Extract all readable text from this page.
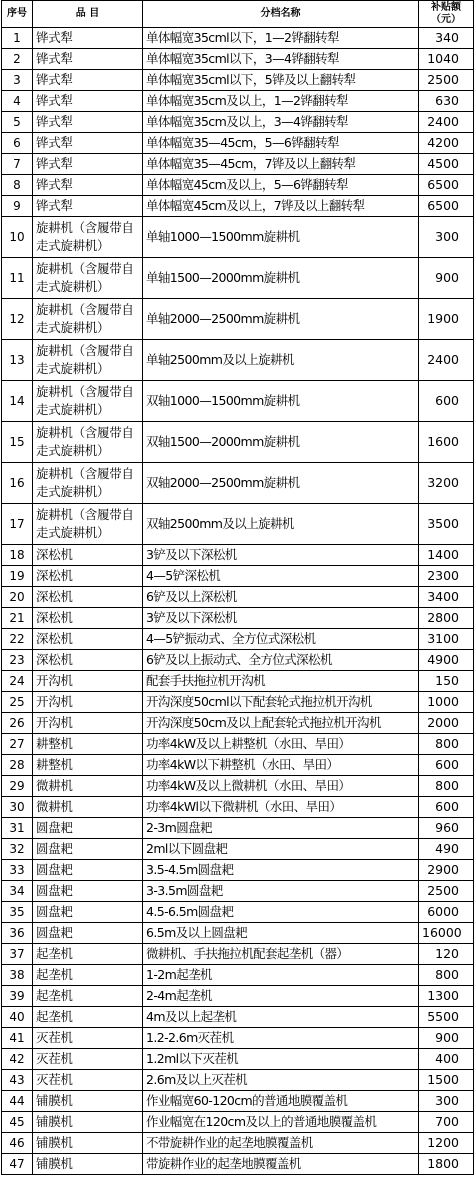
序号	品 目	分档名称	补贴额（元）
1	铧式犁	单体幅宽35cml以下，1—2铧翻转犁	340
2	铧式犁	单体幅宽35cml以下，3—4铧翻转犁	1040
3	铧式犁	单体幅宽35cml以下，5铧及以上翻转犁	2500
4	铧式犁	单体幅宽35cm及以上，1—2铧翻转犁	630
5	铧式犁	单体幅宽35cm及以上，3—4铧翻转犁	2400
6	铧式犁	单体幅宽35—45cm，5—6铧翻转犁	4200
7	铧式犁	单体幅宽35—45cm，7铧及以上翻转犁	4500
8	铧式犁	单体幅宽45cm及以上，5—6铧翻转犁	6500
9	铧式犁	单体幅宽45cm及以上，7铧及以上翻转犁	6500
10	旋耕机（含履带自走式旋耕机）	单轴1000—1500mm旋耕机	300
11	旋耕机（含履带自走式旋耕机）	单轴1500—2000mm旋耕机	900
12	旋耕机（含履带自走式旋耕机）	单轴2000—2500mm旋耕机	1900
13	旋耕机（含履带自走式旋耕机）	单轴2500mm及以上旋耕机	2400
14	旋耕机（含履带自走式旋耕机）	双轴1000—1500mm旋耕机	600
15	旋耕机（含履带自走式旋耕机）	双轴1500—2000mm旋耕机	1600
16	旋耕机（含履带自走式旋耕机）	双轴2000—2500mm旋耕机	3200
17	旋耕机（含履带自走式旋耕机）	双轴2500mm及以上旋耕机	3500
18	深松机	3铲及以下深松机	1400
19	深松机	4—5铲深松机	2300
20	深松机	6铲及以上深松机	3400
21	深松机	3铲及以下深松机	2800
22	深松机	4—5铲振动式、全方位式深松机	3100
23	深松机	6铲及以上振动式、全方位式深松机	4900
24	开沟机	配套手扶拖拉机开沟机	150
25	开沟机	开沟深度50cml以下配套轮式拖拉机开沟机	1000
26	开沟机	开沟深度50cm及以上配套轮式拖拉机开沟机	2000
27	耕整机	功率4kW及以上耕整机（水田、旱田）	800
28	耕整机	功率4kW以下耕整机（水田、旱田）	600
29	微耕机	功率4kW及以上微耕机（水田、旱田）	800
30	微耕机	功率4kWl以下微耕机（水田、旱田）	600
31	圆盘耙	2-3m圆盘耙	960
32	圆盘耙	2ml以下圆盘耙	490
33	圆盘耙	3.5-4.5m圆盘耙	2900
34	圆盘耙	3-3.5m圆盘耙	2500
35	圆盘耙	4.5-6.5m圆盘耙	6000
36	圆盘耙	6.5m及以上圆盘耙	16000
37	起垄机	微耕机、手扶拖拉机配套起垄机（器）	120
38	起垄机	1-2m起垄机	800
39	起垄机	2-4m起垄机	1300
40	起垄机	4m及以上起垄机	5500
41	灭茬机	1.2-2.6m灭茬机	900
42	灭茬机	1.2ml以下灭茬机	400
43	灭茬机	2.6m及以上灭茬机	1500
44	铺膜机	作业幅宽60-120cm的普通地膜覆盖机	300
45	铺膜机	作业幅宽在120cm及以上的普通地膜覆盖机	700
46	铺膜机	不带旋耕作业的起垄地膜覆盖机	1200
47	铺膜机	带旋耕作业的起垄地膜覆盖机	1800
